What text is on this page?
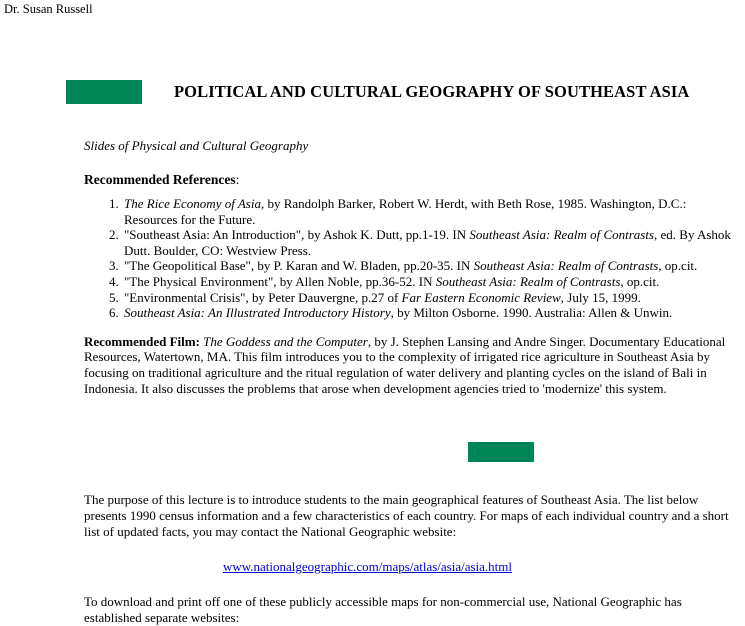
Dr. Susan Russell
POLITICAL AND CULTURAL GEOGRAPHY OF SOUTHEAST ASIA
Slides of Physical and Cultural Geography
Recommended References:
1. The Rice Economy of Asia, by Randolph Barker, Robert W. Herdt, with Beth Rose, 1985. Washington, D.C.: Resources for the Future.
2. "Southeast Asia: An Introduction", by Ashok K. Dutt, pp.1-19. IN Southeast Asia: Realm of Contrasts, ed. By Ashok Dutt. Boulder, CO: Westview Press.
3. "The Geopolitical Base", by P. Karan and W. Bladen, pp.20-35. IN Southeast Asia: Realm of Contrasts, op.cit.
4. "The Physical Environment", by Allen Noble, pp.36-52. IN Southeast Asia: Realm of Contrasts, op.cit.
5. "Environmental Crisis", by Peter Dauvergne, p.27 of Far Eastern Economic Review, July 15, 1999.
6. Southeast Asia: An Illustrated Introductory History, by Milton Osborne. 1990. Australia: Allen & Unwin.
Recommended Film: The Goddess and the Computer, by J. Stephen Lansing and Andre Singer. Documentary Educational Resources, Watertown, MA. This film introduces you to the complexity of irrigated rice agriculture in Southeast Asia by focusing on traditional agriculture and the ritual regulation of water delivery and planting cycles on the island of Bali in Indonesia. It also discusses the problems that arose when development agencies tried to 'modernize' this system.
The purpose of this lecture is to introduce students to the main geographical features of Southeast Asia. The list below presents 1990 census information and a few characteristics of each country. For maps of each individual country and a short list of updated facts, you may contact the National Geographic website:
www.nationalgeographic.com/maps/atlas/asia/asia.html
To download and print off one of these publicly accessible maps for non-commercial use, National Geographic has established separate websites:
